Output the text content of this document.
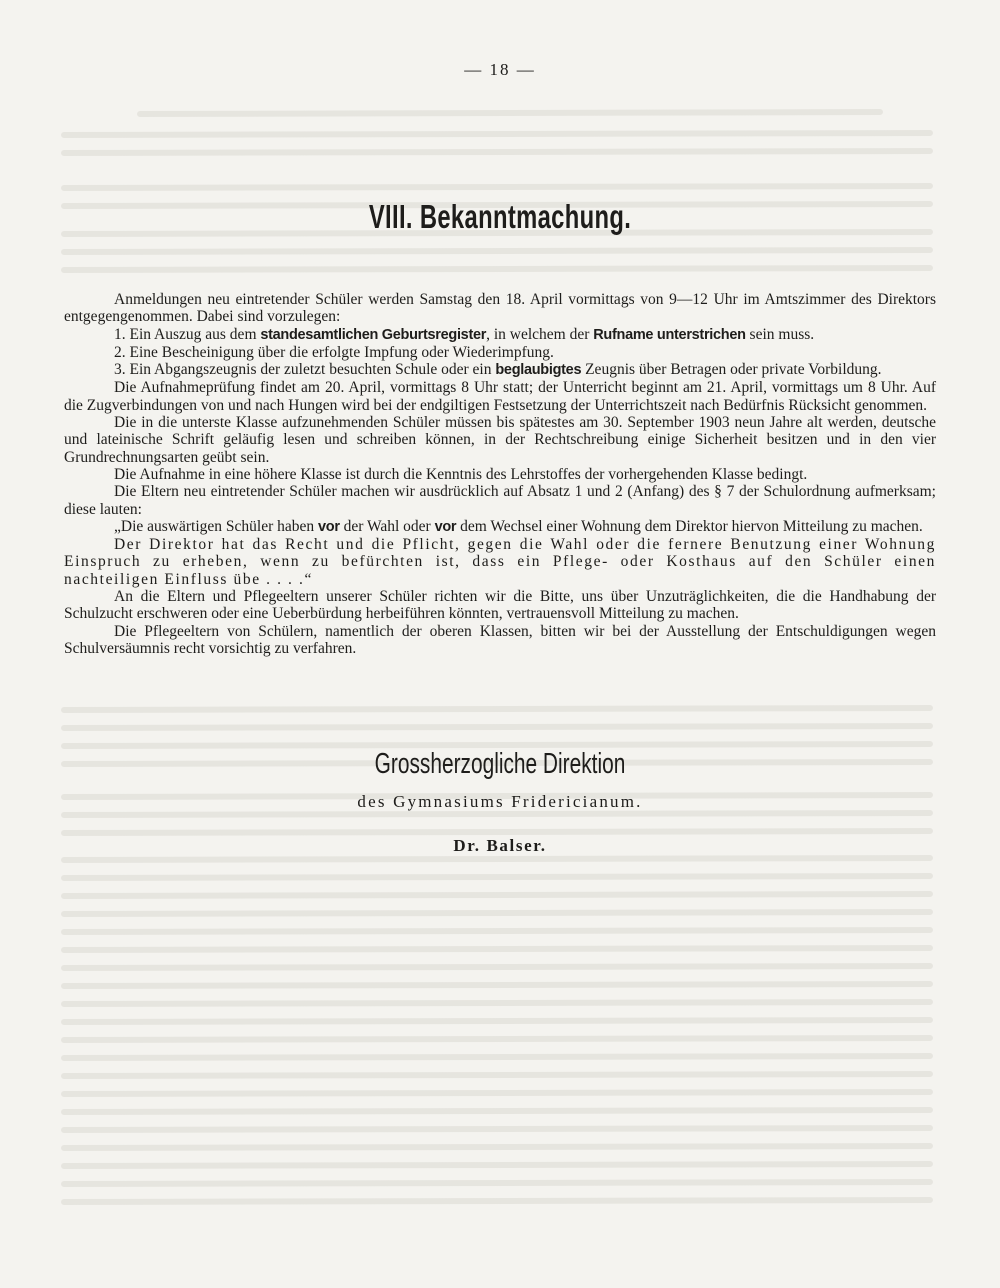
— 18 —
VIII. Bekanntmachung.

Anmeldungen neu eintretender Schüler werden Samstag den 18. April vormittags von 9—12 Uhr im Amtszimmer des Direktors entgegengenommen. Dabei sind vorzulegen:

1. Ein Auszug aus dem standesamtlichen Geburtsregister, in welchem der Rufname unterstrichen sein muss.

2. Eine Bescheinigung über die erfolgte Impfung oder Wiederimpfung.

3. Ein Abgangszeugnis der zuletzt besuchten Schule oder ein beglaubigtes Zeugnis über Betragen oder private Vorbildung.

Die Aufnahmeprüfung findet am 20. April, vormittags 8 Uhr statt; der Unterricht beginnt am 21. April, vormittags um 8 Uhr. Auf die Zugverbindungen von und nach Hungen wird bei der endgiltigen Festsetzung der Unterrichtszeit nach Bedürfnis Rücksicht genommen.

Die in die unterste Klasse aufzunehmenden Schüler müssen bis spätestes am 30. September 1903 neun Jahre alt werden, deutsche und lateinische Schrift geläufig lesen und schreiben können, in der Rechtschreibung einige Sicherheit besitzen und in den vier Grundrechnungsarten geübt sein.

Die Aufnahme in eine höhere Klasse ist durch die Kenntnis des Lehrstoffes der vorhergehenden Klasse bedingt.

Die Eltern neu eintretender Schüler machen wir ausdrücklich auf Absatz 1 und 2 (Anfang) des § 7 der Schulordnung aufmerksam; diese lauten:

„Die auswärtigen Schüler haben vor der Wahl oder vor dem Wechsel einer Wohnung dem Direktor hiervon Mitteilung zu machen.

Der Direktor hat das Recht und die Pflicht, gegen die Wahl oder die fernere Benutzung einer Wohnung Einspruch zu erheben, wenn zu befürchten ist, dass ein Pflege- oder Kosthaus auf den Schüler einen nachteiligen Einfluss übe . . . .“

An die Eltern und Pflegeeltern unserer Schüler richten wir die Bitte, uns über Unzuträglichkeiten, die die Handhabung der Schulzucht erschweren oder eine Ueberbürdung herbeiführen könnten, vertrauensvoll Mitteilung zu machen.

Die Pflegeeltern von Schülern, namentlich der oberen Klassen, bitten wir bei der Ausstellung der Entschuldigungen wegen Schulversäumnis recht vorsichtig zu verfahren.

Grossherzogliche Direktion
des Gymnasiums Fridericianum.
Dr. Balser.
